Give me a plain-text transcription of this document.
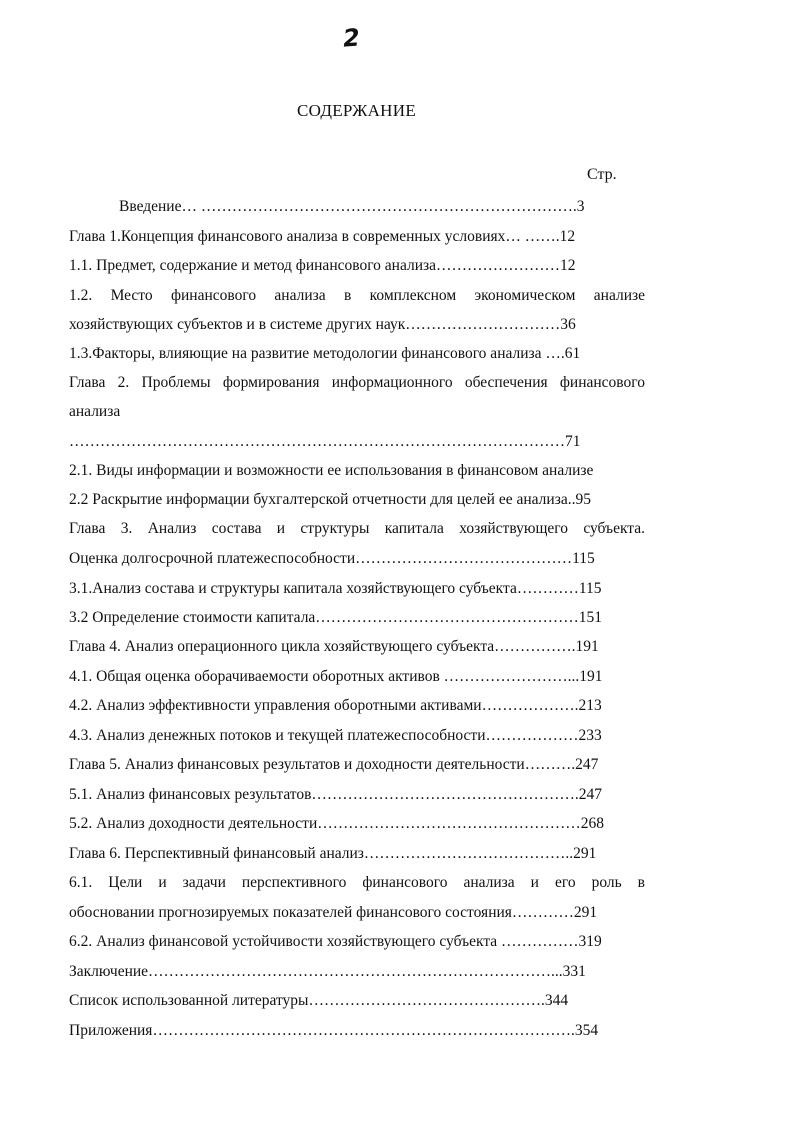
2
СОДЕРЖАНИЕ
Стр.
Введение… ……………………………………………………………….3
Глава 1.Концепция финансового анализа в современных условиях… …….12
1.1. Предмет, содержание и метод финансового анализа……………………12
1.2. Место финансового анализа в комплексном экономическом анализе
хозяйствующих субъектов и в системе других наук…………………………36
1.3.Факторы, влияющие на развитие методологии финансового анализа ….61
Глава 2. Проблемы формирования информационного обеспечения финансового
анализа
……………………………………………………………………………………71
2.1. Виды информации и возможности ее использования в финансовом анализе
2.2 Раскрытие информации бухгалтерской отчетности для целей ее анализа..95
Глава 3. Анализ состава и структуры капитала хозяйствующего субъекта.
Оценка долгосрочной платежеспособности……………………………………115
3.1.Анализ состава и структуры капитала хозяйствующего субъекта…………115
3.2 Определение стоимости капитала……………………………………………151
Глава 4. Анализ операционного цикла хозяйствующего субъекта…………….191
4.1. Общая оценка оборачиваемости оборотных активов ……………………...191
4.2. Анализ эффективности управления оборотными активами……………….213
4.3. Анализ денежных потоков и текущей платежеспособности………………233
Глава 5. Анализ финансовых результатов и доходности деятельности……….247
5.1. Анализ финансовых результатов…………………………………………….247
5.2. Анализ доходности деятельности……………………………………………268
Глава 6. Перспективный финансовый анализ…………………………………..291
6.1. Цели и задачи перспективного финансового анализа и его роль в
обосновании прогнозируемых показателей финансового состояния…………291
6.2. Анализ финансовой устойчивости хозяйствующего субъекта ……………319
Заключение……………………………………………………………………...331
Список использованной литературы……………………………………….344
Приложения……………………………………………………………………….354
